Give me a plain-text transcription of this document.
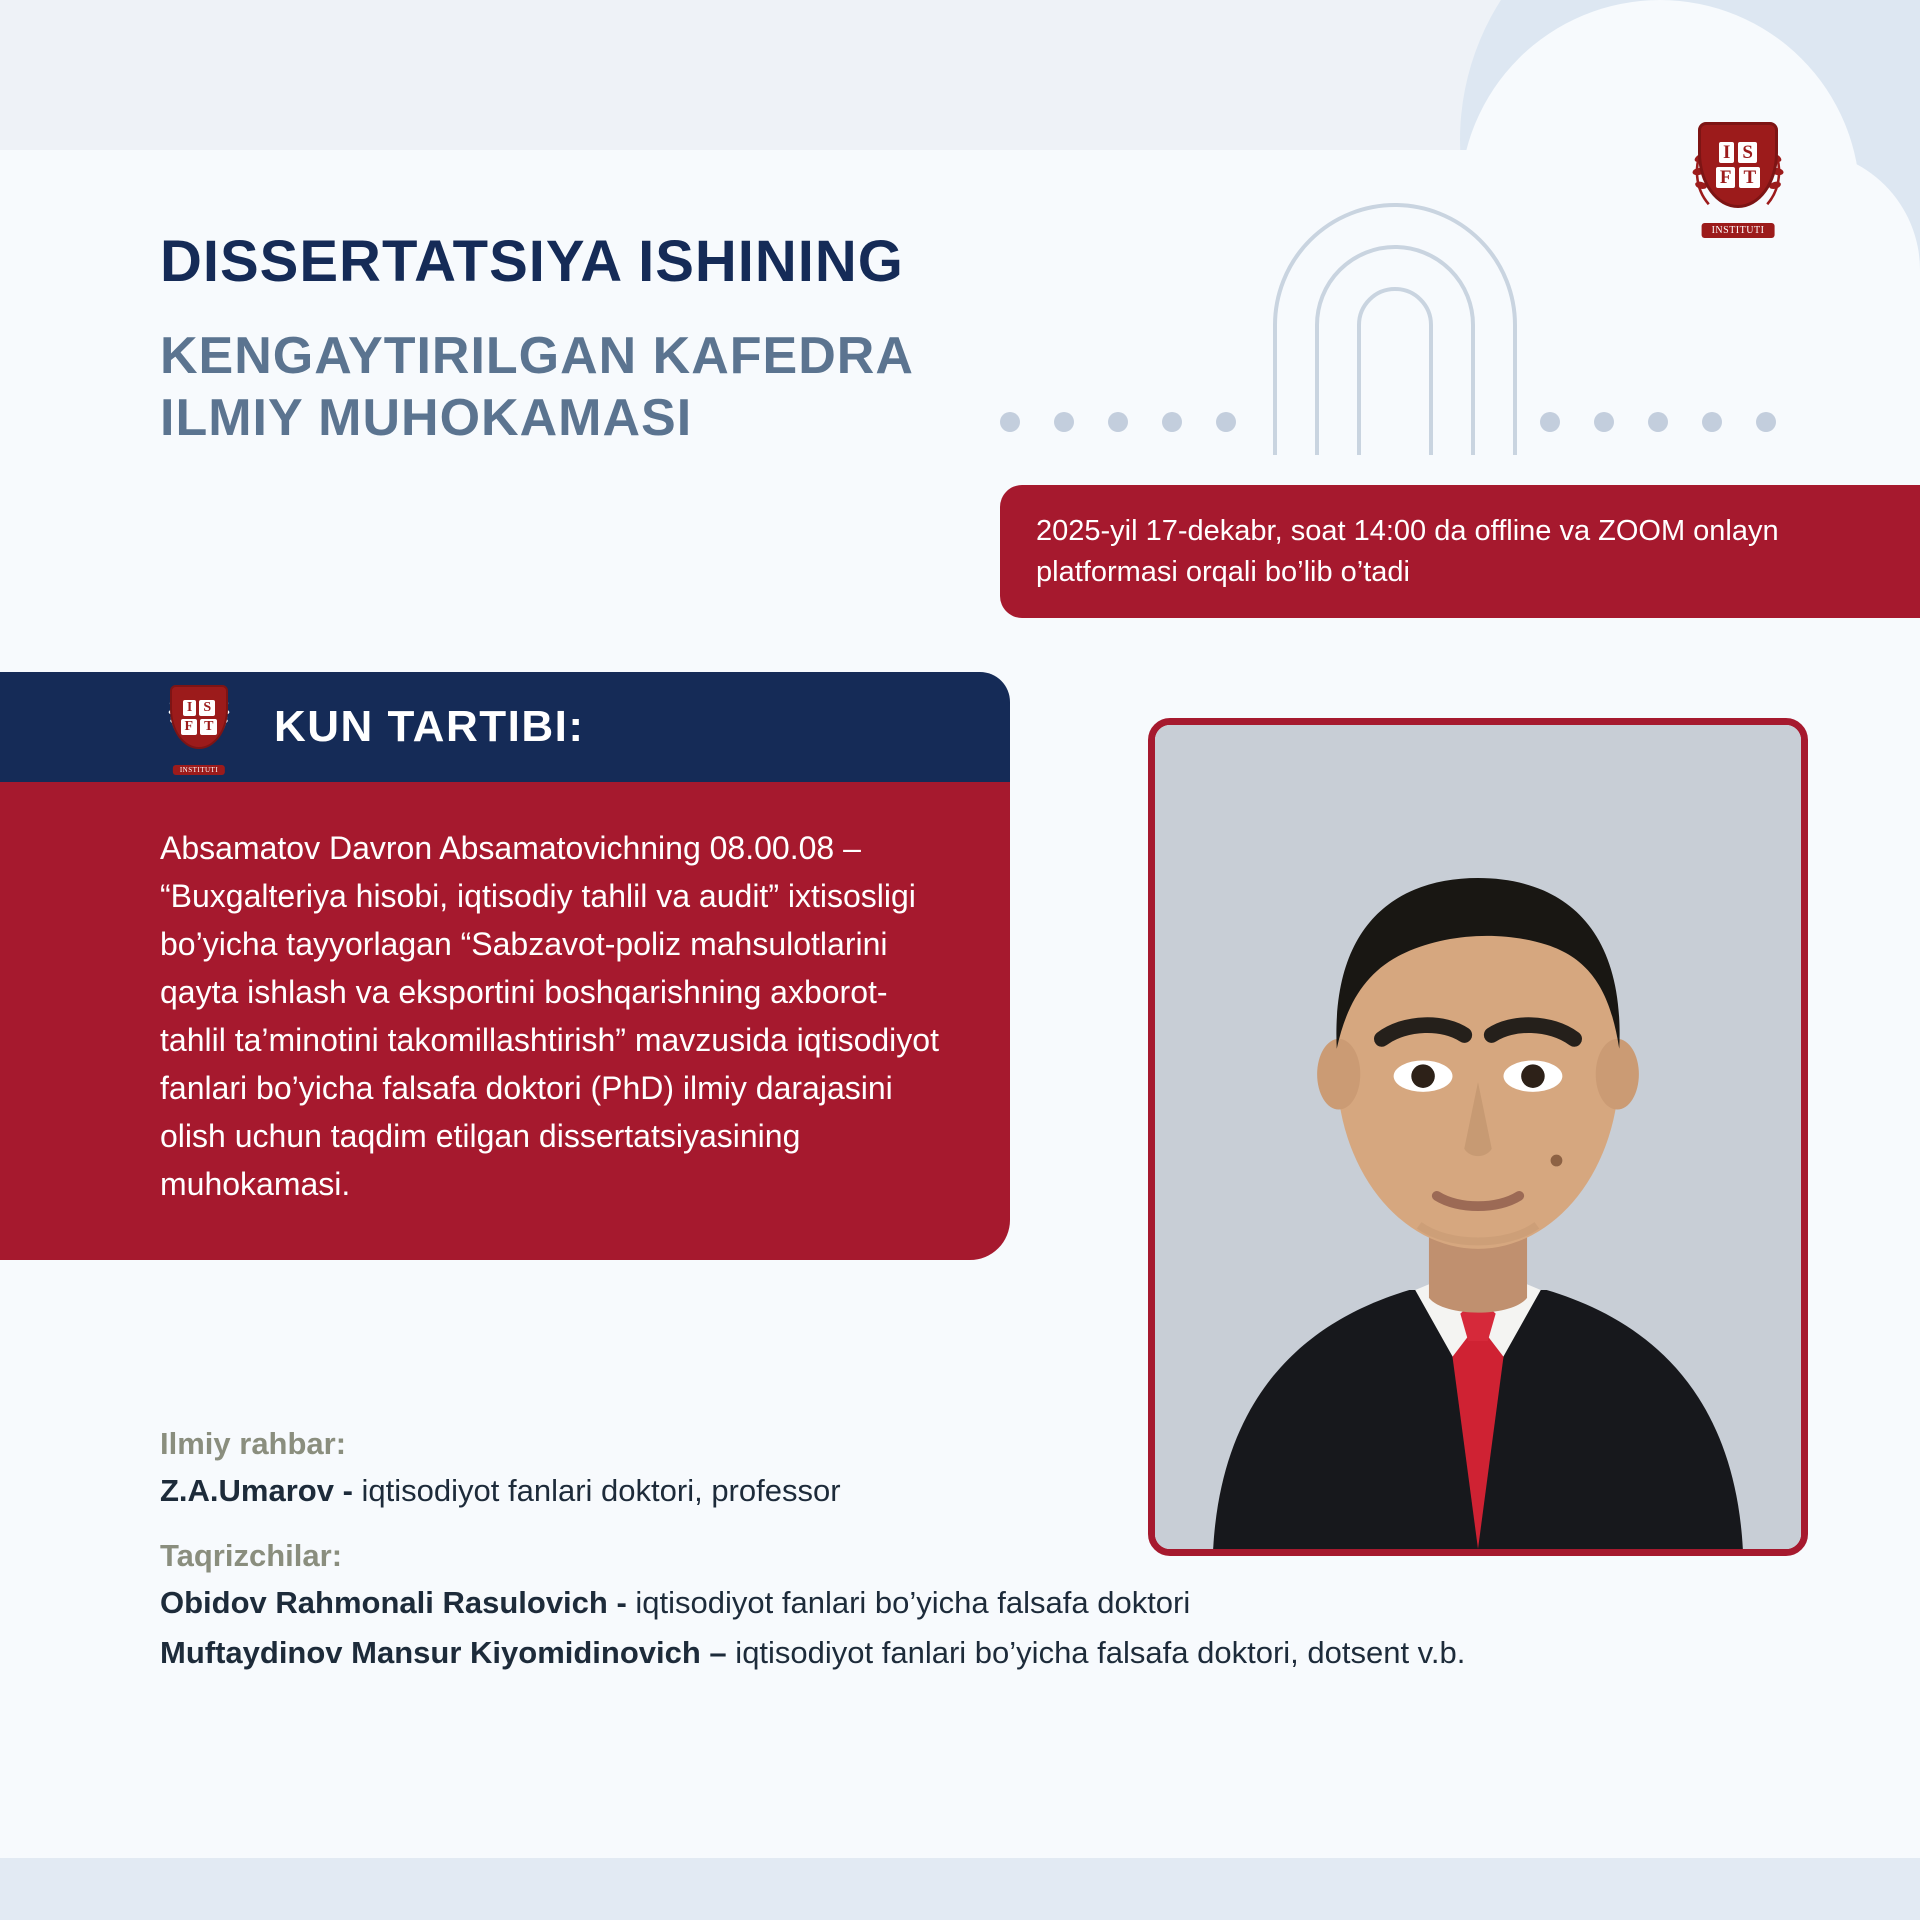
I S
F T
INSTITUTI
DISSERTATSIYA ISHINING
KENGAYTIRILGAN KAFEDRA ILMIY MUHOKAMASI
2025-yil 17-dekabr, soat 14:00 da offline va ZOOM onlayn platformasi orqali bo’lib o’tadi
I S
F T
INSTITUTI
KUN TARTIBI:
Absamatov Davron Absamatovichning 08.00.08 – “Buxgalteriya hisobi, iqtisodiy tahlil va audit” ixtisosligi bo’yicha tayyorlagan “Sabzavot-poliz mahsulotlarini qayta ishlash va eksportini boshqarishning axborot-tahlil ta’minotini takomillashtirish” mavzusida iqtisodiyot fanlari bo’yicha falsafa doktori (PhD) ilmiy darajasini olish uchun taqdim etilgan dissertatsiyasining muhokamasi.
Ilmiy rahbar:
Z.A.Umarov - iqtisodiyot fanlari doktori, professor
Taqrizchilar:
Obidov Rahmonali Rasulovich - iqtisodiyot fanlari bo’yicha falsafa doktori
Muftaydinov Mansur Kiyomidinovich – iqtisodiyot fanlari bo’yicha falsafa doktori, dotsent v.b.
